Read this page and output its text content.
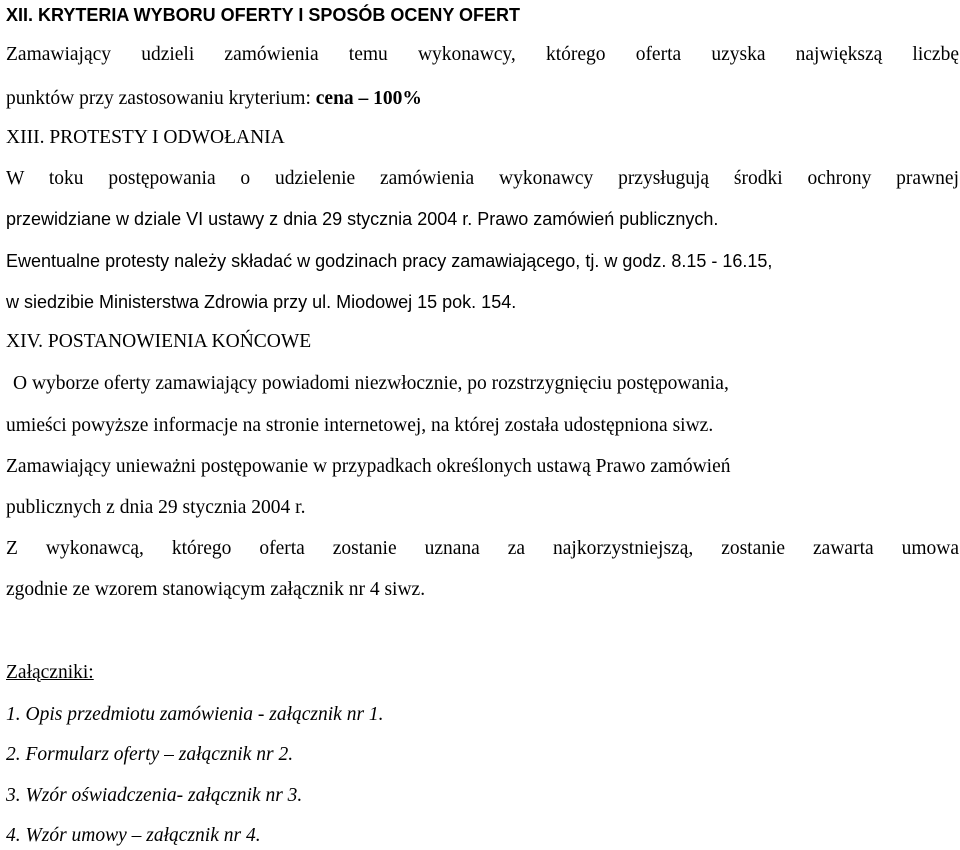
XII. KRYTERIA WYBORU OFERTY I SPOSÓB OCENY OFERT
Zamawiający udzieli zamówienia temu wykonawcy, którego oferta uzyska największą liczbę
punktów przy zastosowaniu kryterium: cena – 100%
XIII. PROTESTY I ODWOŁANIA
W toku postępowania o udzielenie zamówienia wykonawcy przysługują środki ochrony prawnej
przewidziane w dziale VI ustawy z dnia 29 stycznia 2004 r. Prawo zamówień publicznych.
Ewentualne protesty należy składać w godzinach pracy zamawiającego, tj. w godz. 8.15 - 16.15,
w siedzibie Ministerstwa Zdrowia przy ul. Miodowej 15 pok. 154.
XIV. POSTANOWIENIA KOŃCOWE
O wyborze oferty zamawiający powiadomi niezwłocznie, po rozstrzygnięciu postępowania,
umieści powyższe informacje na stronie internetowej, na której została udostępniona siwz.
Zamawiający unieważni postępowanie w przypadkach określonych ustawą Prawo zamówień
publicznych z dnia 29 stycznia 2004 r.
Z wykonawcą, którego oferta zostanie uznana za najkorzystniejszą, zostanie zawarta umowa
zgodnie ze wzorem stanowiącym załącznik nr 4 siwz.
Załączniki:
1. Opis przedmiotu zamówienia - załącznik nr 1.
2. Formularz oferty – załącznik nr 2.
3. Wzór oświadczenia- załącznik nr 3.
4. Wzór umowy – załącznik nr 4.
